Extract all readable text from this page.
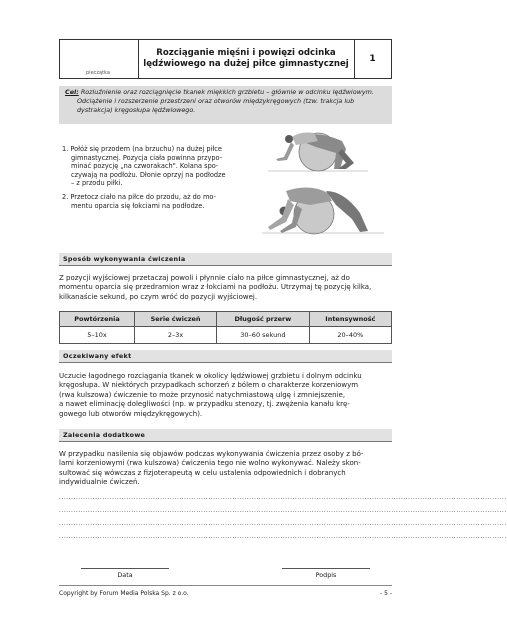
pieczątka
Rozciąganie mięśni i powięzi odcinka
lędźwiowego na dużej piłce gimnastycznej	1
Cel: Rozluźnienie oraz rozciągnięcie tkanek miękkich grzbietu – głównie w odcinku lędźwiowym.
Odciążenie i rozszerzenie przestrzeni oraz otworów międzykręgowych (tzw. trakcja lub
dystrakcja) kręgosłupa lędźwiowego.
1. Połóż się przodem (na brzuchu) na dużej piłce
gimnastycznej. Pozycja ciała powinna przypo-
minać pozycję „na czworakach". Kolana spo-
czywają na podłożu. Dłonie oprzyj na podłodze
– z przodu piłki.
2. Przetocz ciało na piłce do przodu, aż do mo-
mentu oparcia się łokciami na podłodze.
Sposób wykonywania ćwiczenia
Z pozycji wyjściowej przetaczaj powoli i płynnie ciało na piłce gimnastycznej, aż do
momentu oparcia się przedramion wraz z łokciami na podłożu. Utrzymaj tę pozycję kilka,
kilkanaście sekund, po czym wróć do pozycji wyjściowej.
Powtórzenia	Serie ćwiczeń	Długość przerw	Intensywność
5–10x	2–3x	30–60 sekund	20–40%
Oczekiwany efekt
Uczucie łagodnego rozciągania tkanek w okolicy lędźwiowej grzbietu i dolnym odcinku
kręgosłupa. W niektórych przypadkach schorzeń z bólem o charakterze korzeniowym
(rwa kulszowa) ćwiczenie to może przynosić natychmiastową ulgę i zmniejszenie,
a nawet eliminację dolegliwości (np. w przypadku stenozy, tj. zwężenia kanału krę-
gowego lub otworów międzykręgowych).
Zalecenia dodatkowe
W przypadku nasilenia się objawów podczas wykonywania ćwiczenia przez osoby z bó-
lami korzeniowymi (rwa kulszowa) ćwiczenia tego nie wolno wykonywać. Należy skon-
sultować się wówczas z fizjoterapeutą w celu ustalenia odpowiednich i dobranych
indywidualnie ćwiczeń.
..........................................................................................................................................................................................
..........................................................................................................................................................................................
..........................................................................................................................................................................................
..........................................................................................................................................................................................
Data	Podpis
Copyright by Forum Media Polska Sp. z o.o.	- 5 -
